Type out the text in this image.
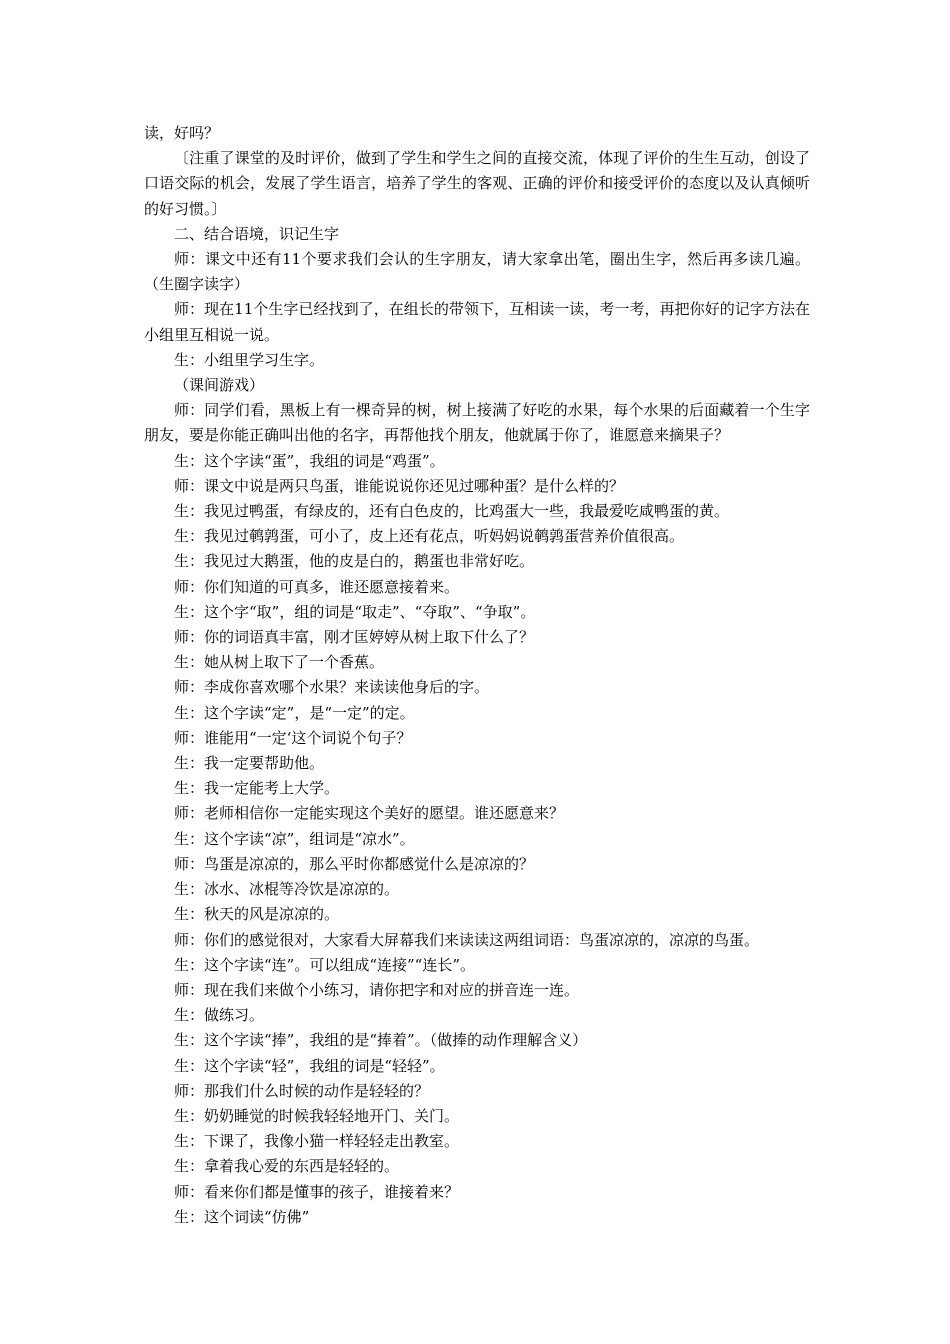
读，好吗？

〔注重了课堂的及时评价，做到了学生和学生之间的直接交流，体现了评价的生生互动，创设了口语交际的机会，发展了学生语言，培养了学生的客观、正确的评价和接受评价的态度以及认真倾听的好习惯。〕

二、结合语境，识记生字

师：课文中还有11个要求我们会认的生字朋友，请大家拿出笔，圈出生字，然后再多读几遍。（生圈字读字）

师：现在11个生字已经找到了，在组长的带领下，互相读一读，考一考，再把你好的记字方法在小组里互相说一说。

生：小组里学习生字。

（课间游戏）

师：同学们看，黑板上有一棵奇异的树，树上接满了好吃的水果，每个水果的后面藏着一个生字朋友，要是你能正确叫出他的名字，再帮他找个朋友，他就属于你了，谁愿意来摘果子？

生：这个字读“蛋”，我组的词是“鸡蛋”。

师：课文中说是两只鸟蛋，谁能说说你还见过哪种蛋？是什么样的？

生：我见过鸭蛋，有绿皮的，还有白色皮的，比鸡蛋大一些，我最爱吃咸鸭蛋的黄。

生：我见过鹌鹑蛋，可小了，皮上还有花点，听妈妈说鹌鹑蛋营养价值很高。

生：我见过大鹅蛋，他的皮是白的，鹅蛋也非常好吃。

师：你们知道的可真多，谁还愿意接着来。

生：这个字“取”，组的词是“取走”、“夺取”、“争取”。

师：你的词语真丰富，刚才匡婷婷从树上取下什么了？

生：她从树上取下了一个香蕉。

师：李成你喜欢哪个水果？来读读他身后的字。

生：这个字读“定”，是“一定”的定。

师：谁能用“一定‘这个词说个句子？

生：我一定要帮助他。

生：我一定能考上大学。

师：老师相信你一定能实现这个美好的愿望。谁还愿意来？

生：这个字读“凉”，组词是“凉水”。

师：鸟蛋是凉凉的，那么平时你都感觉什么是凉凉的？

生：冰水、冰棍等冷饮是凉凉的。

生：秋天的风是凉凉的。

师：你们的感觉很对，大家看大屏幕我们来读读这两组词语：鸟蛋凉凉的，凉凉的鸟蛋。

生：这个字读“连”。可以组成“连接”“连长”。

师：现在我们来做个小练习，请你把字和对应的拼音连一连。

生：做练习。

生：这个字读“捧”，我组的是“捧着”。（做捧的动作理解含义）

生：这个字读“轻”，我组的词是“轻轻”。

师：那我们什么时候的动作是轻轻的？

生：奶奶睡觉的时候我轻轻地开门、关门。

生：下课了，我像小猫一样轻轻走出教室。

生：拿着我心爱的东西是轻轻的。

师：看来你们都是懂事的孩子，谁接着来？

生：这个词读“仿佛”
